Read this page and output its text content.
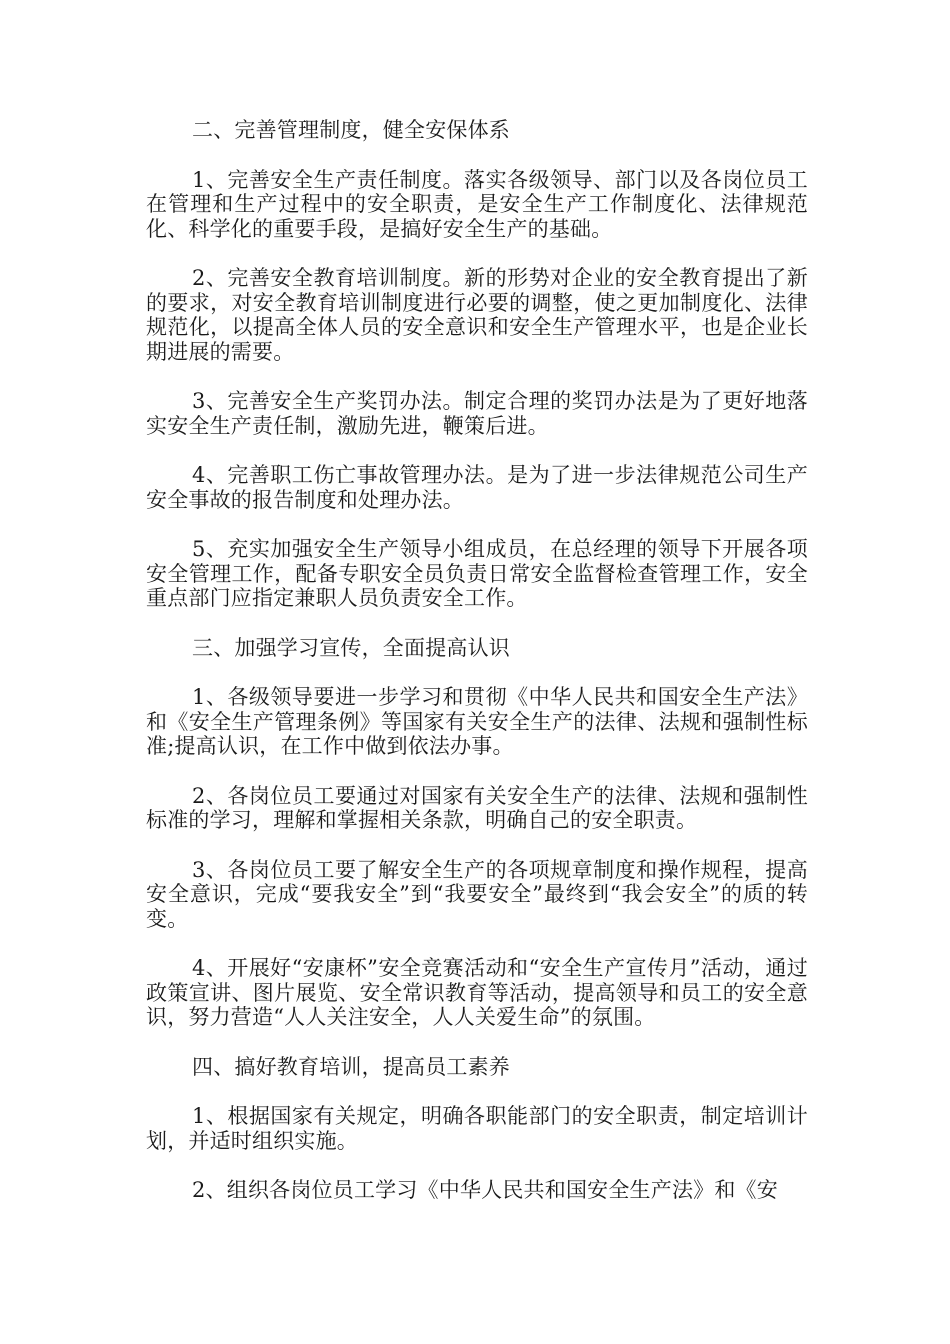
二、完善管理制度，健全安保体系

1、完善安全生产责任制度。落实各级领导、部门以及各岗位员工在管理和生产过程中的安全职责，是安全生产工作制度化、法律规范化、科学化的重要手段，是搞好安全生产的基础。

2、完善安全教育培训制度。新的形势对企业的安全教育提出了新的要求，对安全教育培训制度进行必要的调整，使之更加制度化、法律规范化，以提高全体人员的安全意识和安全生产管理水平，也是企业长期进展的需要。

3、完善安全生产奖罚办法。制定合理的奖罚办法是为了更好地落实安全生产责任制，激励先进，鞭策后进。

4、完善职工伤亡事故管理办法。是为了进一步法律规范公司生产安全事故的报告制度和处理办法。

5、充实加强安全生产领导小组成员，在总经理的领导下开展各项安全管理工作，配备专职安全员负责日常安全监督检查管理工作，安全重点部门应指定兼职人员负责安全工作。

三、加强学习宣传，全面提高认识

1、各级领导要进一步学习和贯彻《中华人民共和国安全生产法》和《安全生产管理条例》等国家有关安全生产的法律、法规和强制性标准;提高认识，在工作中做到依法办事。

2、各岗位员工要通过对国家有关安全生产的法律、法规和强制性标准的学习，理解和掌握相关条款，明确自己的安全职责。

3、各岗位员工要了解安全生产的各项规章制度和操作规程，提高安全意识，完成“要我安全”到“我要安全”最终到“我会安全”的质的转变。

4、开展好“安康杯”安全竞赛活动和“安全生产宣传月”活动，通过政策宣讲、图片展览、安全常识教育等活动，提高领导和员工的安全意识，努力营造“人人关注安全，人人关爱生命”的氛围。

四、搞好教育培训，提高员工素养

1、根据国家有关规定，明确各职能部门的安全职责，制定培训计划，并适时组织实施。

2、组织各岗位员工学习《中华人民共和国安全生产法》和《安
